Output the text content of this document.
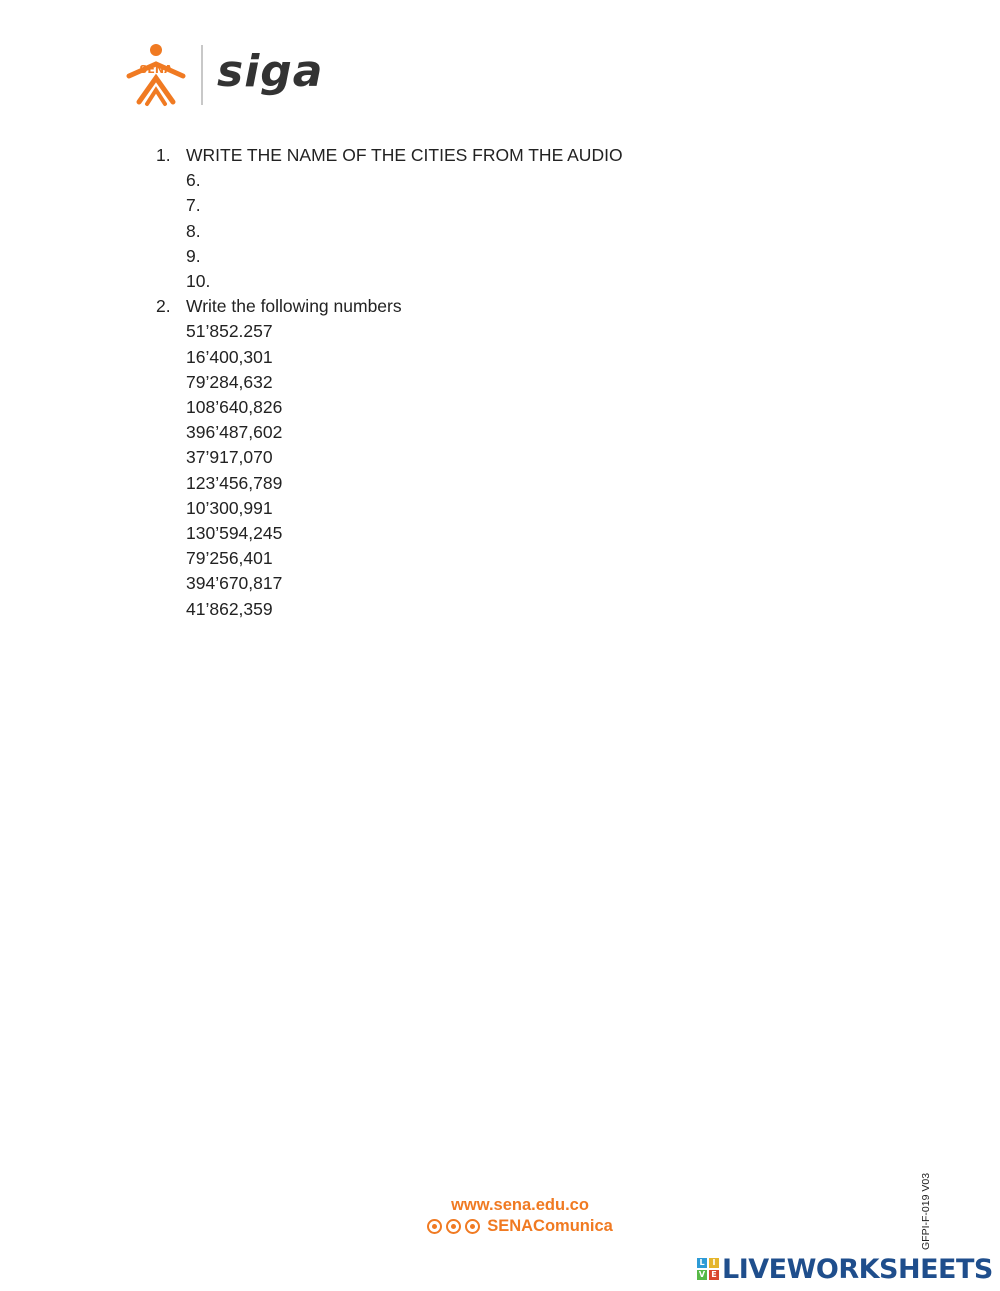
SENA siga
1. WRITE THE NAME OF THE CITIES FROM THE AUDIO
6.
7.
8.
9.
10.
2. Write the following numbers
51’852.257
16’400,301
79’284,632
108’640,826
396’487,602
37’917,070
123’456,789
10’300,991
130’594,245
79’256,401
394’670,817
41’862,359
www.sena.edu.co
SENAComunica	GFPI-F-019 V03
L I
V E LIVEWORKSHEETS
